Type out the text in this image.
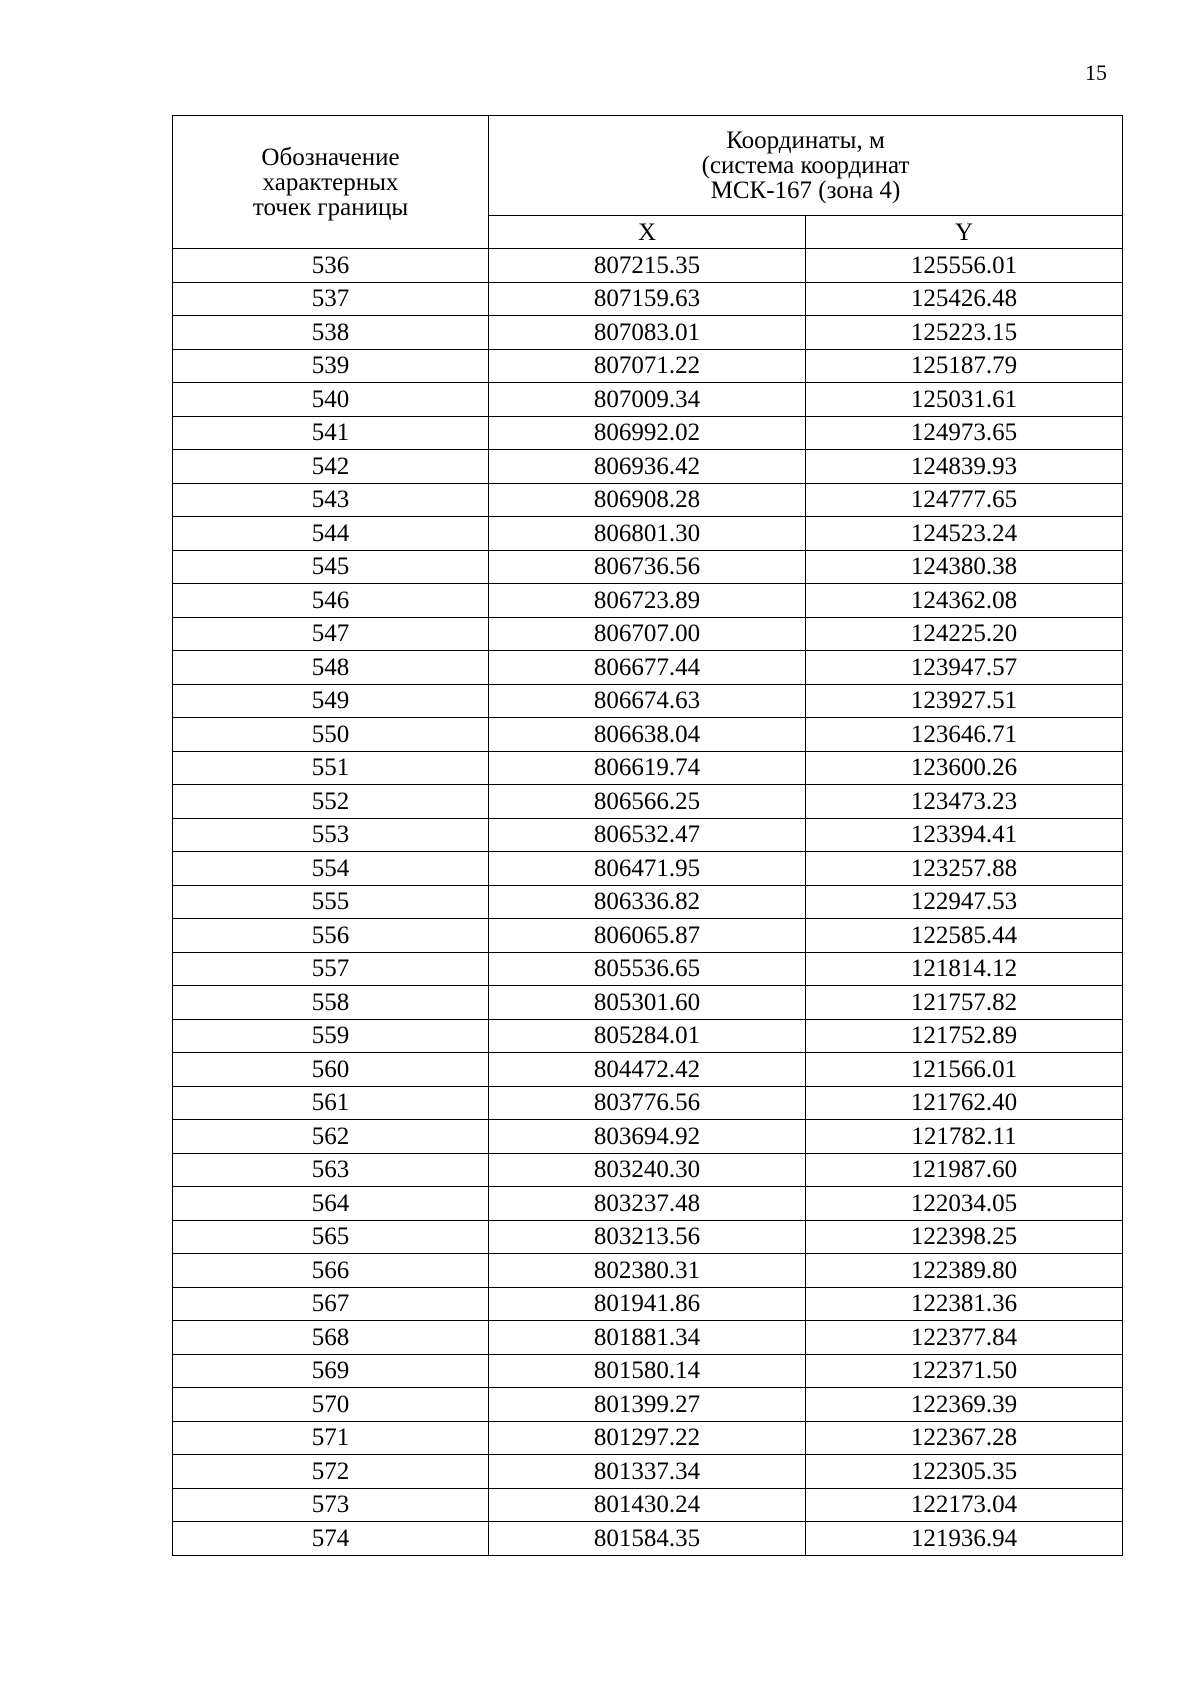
15
Обозначение
характерных
точек границы	Координаты, м
(система координат
МСК-167 (зона 4)	

	X	Y
536	807215.35	125556.01
537	807159.63	125426.48
538	807083.01	125223.15
539	807071.22	125187.79
540	807009.34	125031.61
541	806992.02	124973.65
542	806936.42	124839.93
543	806908.28	124777.65
544	806801.30	124523.24
545	806736.56	124380.38
546	806723.89	124362.08
547	806707.00	124225.20
548	806677.44	123947.57
549	806674.63	123927.51
550	806638.04	123646.71
551	806619.74	123600.26
552	806566.25	123473.23
553	806532.47	123394.41
554	806471.95	123257.88
555	806336.82	122947.53
556	806065.87	122585.44
557	805536.65	121814.12
558	805301.60	121757.82
559	805284.01	121752.89
560	804472.42	121566.01
561	803776.56	121762.40
562	803694.92	121782.11
563	803240.30	121987.60
564	803237.48	122034.05
565	803213.56	122398.25
566	802380.31	122389.80
567	801941.86	122381.36
568	801881.34	122377.84
569	801580.14	122371.50
570	801399.27	122369.39
571	801297.22	122367.28
572	801337.34	122305.35
573	801430.24	122173.04
574	801584.35	121936.94
